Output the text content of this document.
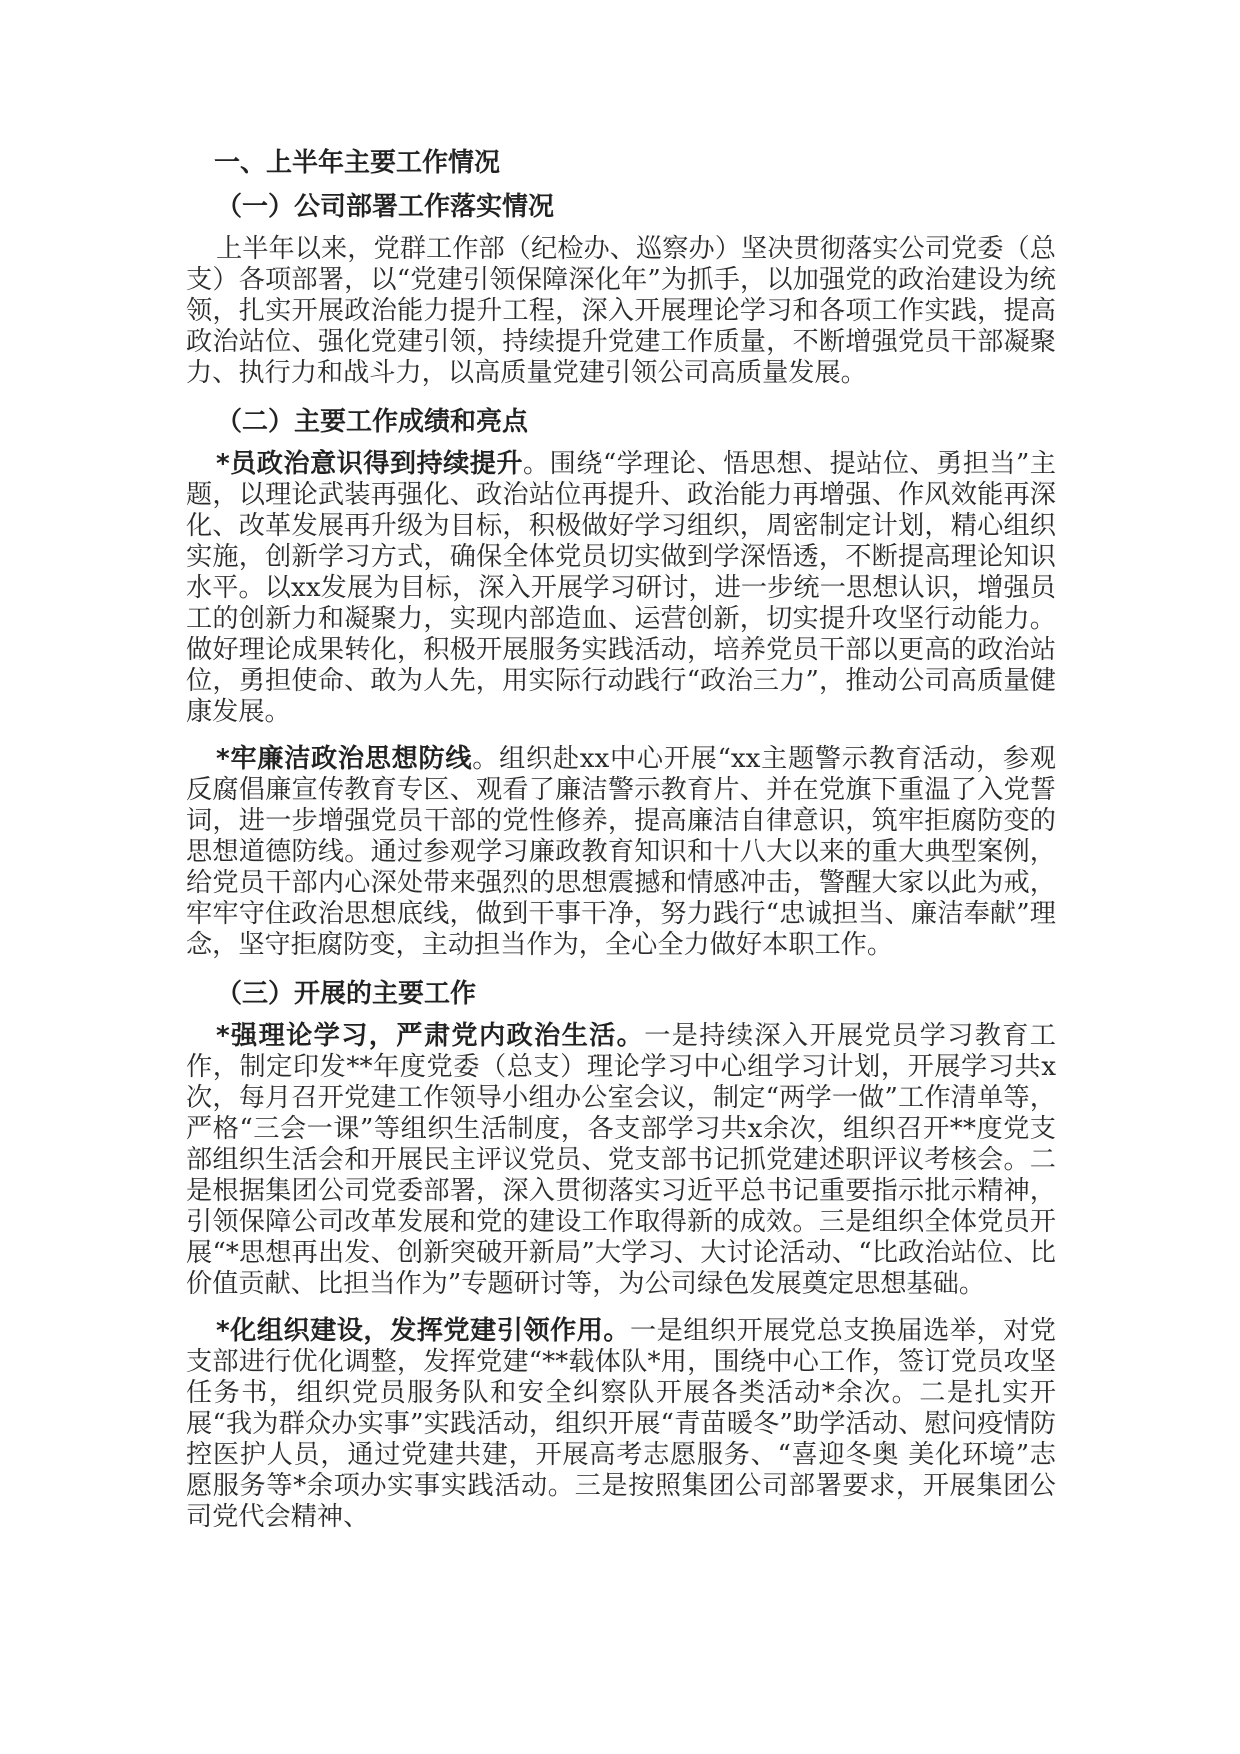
一、上半年主要工作情况
（一）公司部署工作落实情况

上半年以来，党群工作部（纪检办、巡察办）坚决贯彻落实公司党委（总支）各项部署，以“党建引领保障深化年”为抓手，以加强党的政治建设为统领，扎实开展政治能力提升工程，深入开展理论学习和各项工作实践，提高政治站位、强化党建引领，持续提升党建工作质量，不断增强党员干部凝聚力、执行力和战斗力，以高质量党建引领公司高质量发展。

（二）主要工作成绩和亮点

*员政治意识得到持续提升。围绕“学理论、悟思想、提站位、勇担当”主题，以理论武装再强化、政治站位再提升、政治能力再增强、作风效能再深化、改革发展再升级为目标，积极做好学习组织，周密制定计划，精心组织实施，创新学习方式，确保全体党员切实做到学深悟透，不断提高理论知识水平。以xx发展为目标，深入开展学习研讨，进一步统一思想认识，增强员工的创新力和凝聚力，实现内部造血、运营创新，切实提升攻坚行动能力。做好理论成果转化，积极开展服务实践活动，培养党员干部以更高的政治站位，勇担使命、敢为人先，用实际行动践行“政治三力”，推动公司高质量健康发展。

*牢廉洁政治思想防线。组织赴xx中心开展“xx主题警示教育活动，参观反腐倡廉宣传教育专区、观看了廉洁警示教育片、并在党旗下重温了入党誓词，进一步增强党员干部的党性修养，提高廉洁自律意识，筑牢拒腐防变的思想道德防线。通过参观学习廉政教育知识和十八大以来的重大典型案例，给党员干部内心深处带来强烈的思想震撼和情感冲击，警醒大家以此为戒，牢牢守住政治思想底线，做到干事干净，努力践行“忠诚担当、廉洁奉献”理念，坚守拒腐防变，主动担当作为，全心全力做好本职工作。

（三）开展的主要工作

*强理论学习，严肃党内政治生活。一是持续深入开展党员学习教育工作，制定印发**年度党委（总支）理论学习中心组学习计划，开展学习共x次，每月召开党建工作领导小组办公室会议，制定“两学一做”工作清单等，严格“三会一课”等组织生活制度，各支部学习共x余次，组织召开**度党支部组织生活会和开展民主评议党员、党支部书记抓党建述职评议考核会。二是根据集团公司党委部署，深入贯彻落实习近平总书记重要指示批示精神，引领保障公司改革发展和党的建设工作取得新的成效。三是组织全体党员开展“*思想再出发、创新突破开新局”大学习、大讨论活动、“比政治站位、比价值贡献、比担当作为”专题研讨等，为公司绿色发展奠定思想基础。

*化组织建设，发挥党建引领作用。一是组织开展党总支换届选举，对党支部进行优化调整，发挥党建“**载体队*用，围绕中心工作，签订党员攻坚任务书，组织党员服务队和安全纠察队开展各类活动*余次。二是扎实开展“我为群众办实事”实践活动，组织开展“青苗暖冬”助学活动、慰问疫情防控医护人员，通过党建共建，开展高考志愿服务、“喜迎冬奥 美化环境”志愿服务等*余项办实事实践活动。三是按照集团公司部署要求，开展集团公司党代会精神、
